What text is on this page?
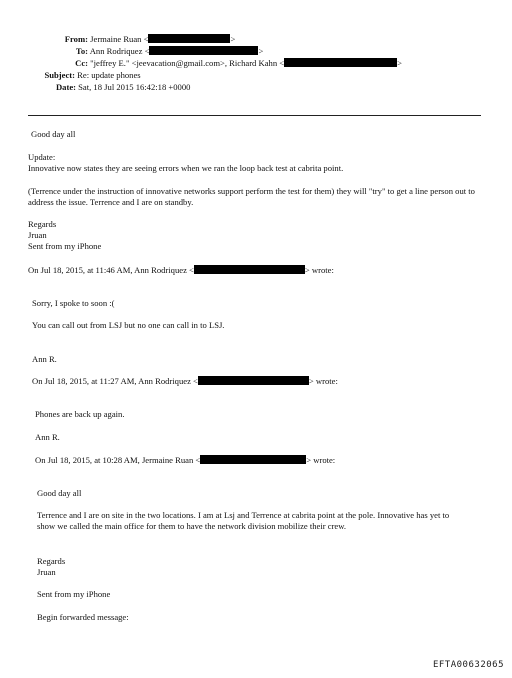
From: Jermaine Ruan <	>
To: Ann Rodriquez <	>
Cc: "jeffrey E." <jeevacation@gmail.com>, Richard Kahn <	>
Subject: Re: update phones
Date: Sat, 18 Jul 2015 16:42:18 +0000
Good day all
Update:
Innovative now states they are seeing errors when we ran the loop back test at cabrita point.
(Terrence under the instruction of innovative networks support perform the test for them) they will "try" to get a line person out to address the issue. Terrence and I are on standby.
Regards
Jruan
Sent from my iPhone
On Jul 18, 2015, at 11:46 AM, Ann Rodriquez <	> wrote:
Sorry, I spoke to soon :(
You can call out from LSJ but no one can call in to LSJ.
Ann R.
On Jul 18, 2015, at 11:27 AM, Ann Rodriquez <	> wrote:
Phones are back up again.
Ann R.
On Jul 18, 2015, at 10:28 AM, Jermaine Ruan <	> wrote:
Good day all
Terrence and I are on site in the two locations. I am at Lsj and Terrence at cabrita point at the pole. Innovative has yet to show we called the main office for them to have the network division mobilize their crew.
Regards
Jruan
Sent from my iPhone
Begin forwarded message:
EFTA00632065
